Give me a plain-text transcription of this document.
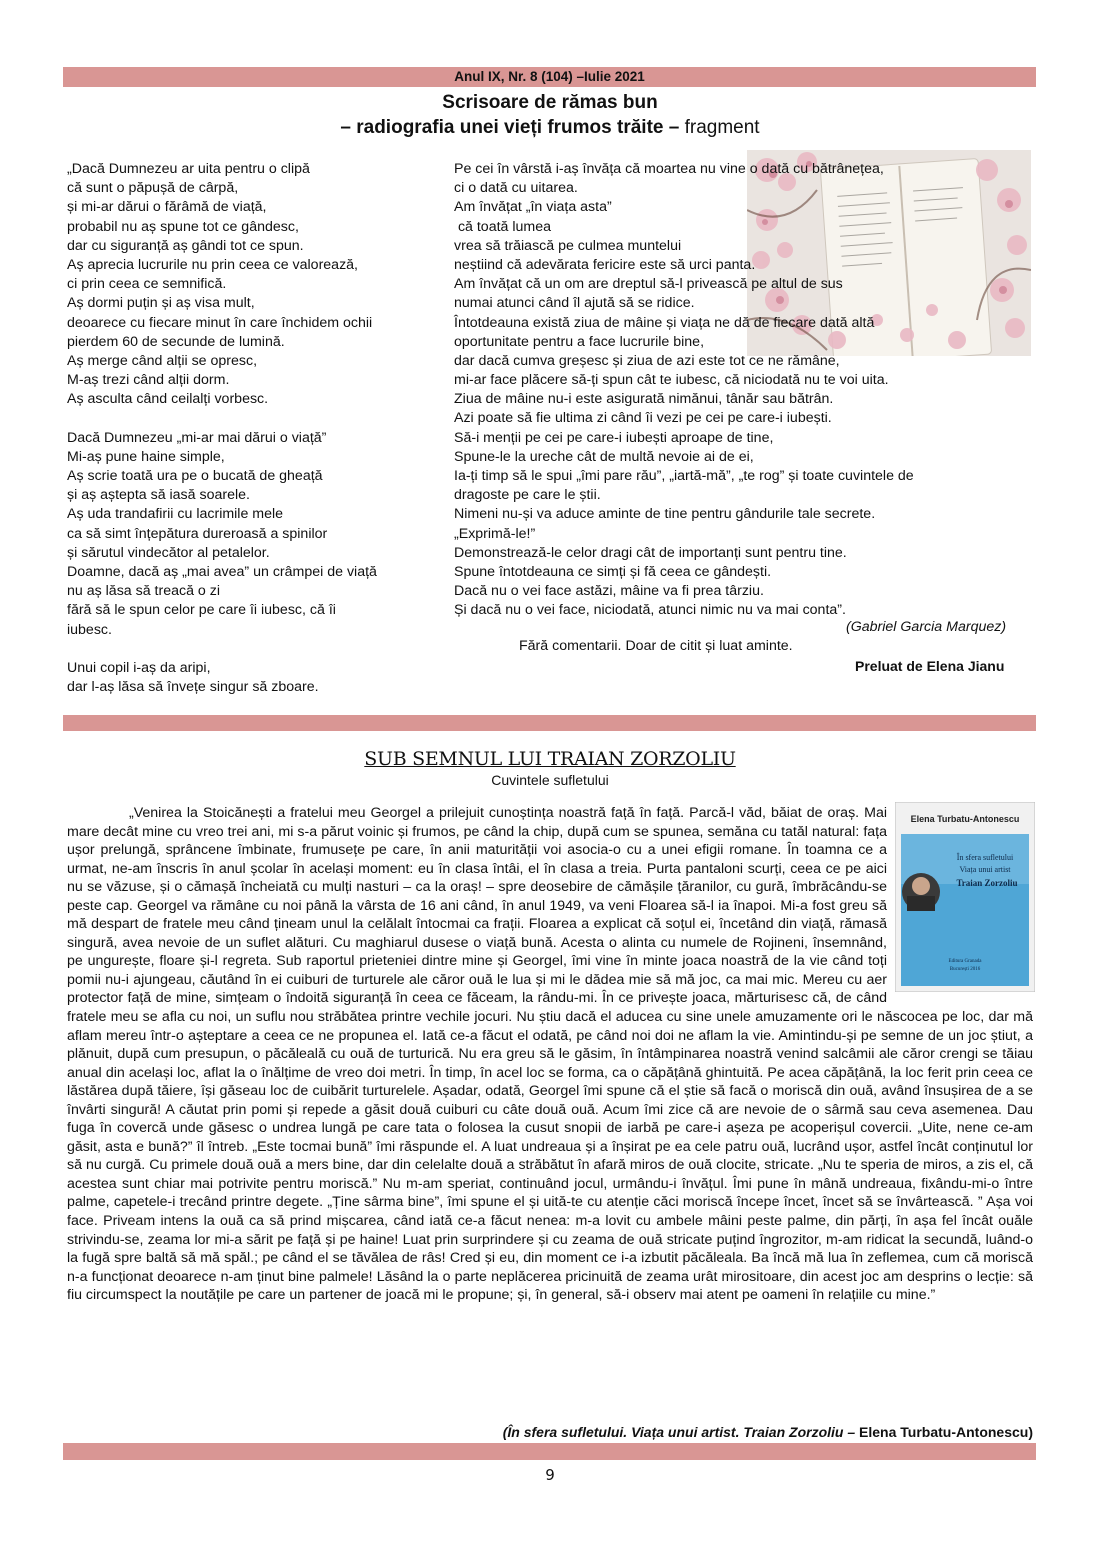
Anul IX, Nr. 8 (104) –Iulie 2021
Scrisoare de rămas bun
– radiografia unei vieți frumos trăite – fragment
„Dacă Dumnezeu ar uita pentru o clipă
că sunt o păpușă de cârpă,
și mi-ar dărui o fărâmă de viață,
probabil nu aș spune tot ce gândesc,
dar cu siguranță aș gândi tot ce spun.
Aș aprecia lucrurile nu prin ceea ce valorează,
ci prin ceea ce semnifică.
Aș dormi puțin și aș visa mult,
deoarece cu fiecare minut în care închidem ochii
pierdem 60 de secunde de lumină.
Aș merge când alții se opresc,
M-aș trezi când alții dorm.
Aș asculta când ceilalți vorbesc.
Dacă Dumnezeu „mi-ar mai dărui o viață”
Mi-aș pune haine simple,
Aș scrie toată ura pe o bucată de gheață
și aș aștepta să iasă soarele.
Aș uda trandafirii cu lacrimile mele
ca să simt înțepătura dureroasă a spinilor
și sărutul vindecător al petalelor.
Doamne, dacă aș „mai avea” un crâmpei de viață
nu aș lăsa să treacă o zi
fără să le spun celor pe care îi iubesc, că îi
iubesc.
Unui copil i-aș da aripi,
dar l-aș lăsa să învețe singur să zboare.
Pe cei în vârstă i-aș învăța că moartea nu vine o dată cu bătrânețea,
ci o dată cu uitarea.
Am învățat „în viața asta”
că toată lumea
vrea să trăiască pe culmea muntelui
neștiind că adevărata fericire este să urci panta.
Am învățat că un om are dreptul să-l privească pe altul de sus
numai atunci când îl ajută să se ridice.
Întotdeauna există ziua de mâine și viața ne dă de fiecare dată altă
oportunitate pentru a face lucrurile bine,
dar dacă cumva greșesc și ziua de azi este tot ce ne rămâne,
mi-ar face plăcere să-ți spun cât te iubesc, că niciodată nu te voi uita.
Ziua de mâine nu-i este asigurată nimănui, tânăr sau bătrân.
Azi poate să fie ultima zi când îi vezi pe cei pe care-i iubești.
Să-i menții pe cei pe care-i iubești aproape de tine,
Spune-le la ureche cât de multă nevoie ai de ei,
Ia-ți timp să le spui „îmi pare rău”, „iartă-mă”, „te rog” și toate cuvintele de
dragoste pe care le știi.
Nimeni nu-și va aduce aminte de tine pentru gândurile tale secrete.
„Exprimă-le!”
Demonstrează-le celor dragi cât de importanți sunt pentru tine.
Spune întotdeauna ce simți și fă ceea ce gândești.
Dacă nu o vei face astăzi, mâine va fi prea târziu.
Și dacă nu o vei face, niciodată, atunci nimic nu va mai conta”.
(Gabriel Garcia Marquez)
Fără comentarii. Doar de citit și luat aminte.
Preluat de Elena Jianu
SUB SEMNUL LUI TRAIAN ZORZOLIU
Cuvintele sufletului
Elena Turbatu-Antonescu
În sfera sufletului
Viața unui artist
Traian Zorzoliu
Editura Granada
București 2016
„Venirea la Stoicănești a fratelui meu Georgel a prilejuit cunoștința noastră față în față. Parcă-l văd, băiat de oraș. Mai mare decât mine cu vreo trei ani, mi s-a părut voinic și frumos, pe când la chip, după cum se spunea, semăna cu tatăl natural: fața ușor prelungă, sprâncene îmbinate, frumusețe pe care, în anii maturității voi asocia-o cu a unei efigii romane. În toamna ce a urmat, ne-am înscris în anul școlar în același moment: eu în clasa întâi, el în clasa a treia. Purta pantaloni scurți, ceea ce pe aici nu se văzuse, și o cămașă încheiată cu mulți nasturi – ca la oraș! – spre deosebire de cămășile țăranilor, cu gură, îmbrăcându-se peste cap. Georgel va rămâne cu noi până la vârsta de 16 ani când, în anul 1949, va veni Floarea să-l ia înapoi. Mi-a fost greu să mă despart de fratele meu când țineam unul la celălalt întocmai ca frații. Floarea a explicat că soțul ei, încetând din viață, rămasă singură, avea nevoie de un suflet alături. Cu maghiarul dusese o viață bună. Acesta o alinta cu numele de Rojineni, însemnând, pe ungurește, floare și-l regreta. Sub raportul prieteniei dintre mine și Georgel, îmi vine în minte joaca noastră de la vie când toți pomii nu-i ajungeau, căutând în ei cuiburi de turturele ale căror ouă le lua și mi le dădea mie să mă joc, ca mai mic. Mereu cu aer protector față de mine, simțeam o îndoită siguranță în ceea ce făceam, la rându-mi. În ce privește joaca, mărturisesc că, de când fratele meu se afla cu noi, un suflu nou străbătea printre vechile jocuri. Nu știu dacă el aducea cu sine unele amuzamente ori le născocea pe loc, dar mă aflam mereu într-o așteptare a ceea ce ne propunea el. Iată ce-a făcut el odată, pe când noi doi ne aflam la vie. Amintindu-și pe semne de un joc știut, a plănuit, după cum presupun, o păcăleală cu ouă de turturică. Nu era greu să le găsim, în întâmpinarea noastră venind salcâmii ale căror crengi se tăiau anual din același loc, aflat la o înălțime de vreo doi metri. În timp, în acel loc se forma, ca o căpățână ghintuită. Pe acea căpățână, la loc ferit prin ceea ce lăstărea după tăiere, își găseau loc de cuibărit turturelele. Așadar, odată, Georgel îmi spune că el știe să facă o moriscă din ouă, având însușirea de a se învârti singură! A căutat prin pomi și repede a găsit două cuiburi cu câte două ouă. Acum îmi zice că are nevoie de o sârmă sau ceva asemenea. Dau fuga în covercă unde găsesc o undrea lungă pe care tata o folosea la cusut snopii de iarbă pe care-i așeza pe acoperișul covercii. „Uite, nene ce-am găsit, asta e bună?” îl întreb. „Este tocmai bună” îmi răspunde el. A luat undreaua și a înșirat pe ea cele patru ouă, lucrând ușor, astfel încât conținutul lor să nu curgă. Cu primele două ouă a mers bine, dar din celelalte două a străbătut în afară miros de ouă clocite, stricate. „Nu te speria de miros, a zis el, că acestea sunt chiar mai potrivite pentru moriscă.” Nu m-am speriat, continuând jocul, urmându-i învățul. Îmi pune în mână undreaua, fixându-mi-o între palme, capetele-i trecând printre degete. „Ține sârma bine”, îmi spune el și uită-te cu atenție căci moriscă începe încet, încet să se învârtească. ” Așa voi face. Priveam intens la ouă ca să prind mișcarea, când iată ce-a făcut nenea: m-a lovit cu ambele mâini peste palme, din părți, în așa fel încât ouăle strivindu-se, zeama lor mi-a sărit pe față și pe haine! Luat prin surprindere și cu zeama de ouă stricate puțind îngrozitor, m-am ridicat la secundă, luând-o la fugă spre baltă să mă spăl.; pe când el se tăvălea de râs! Cred și eu, din moment ce i-a izbutit păcăleala. Ba încă mă lua în zeflemea, cum că moriscă n-a funcționat deoarece n-am ținut bine palmele! Lăsând la o parte neplăcerea pricinuită de zeama urât mirositoare, din acest joc am desprins o lecție: să fiu circumspect la noutățile pe care un partener de joacă mi le propune; și, în general, să-i observ mai atent pe oameni în relațiile cu mine.”
(În sfera sufletului. Viața unui artist. Traian Zorzoliu – Elena Turbatu-Antonescu)
9
